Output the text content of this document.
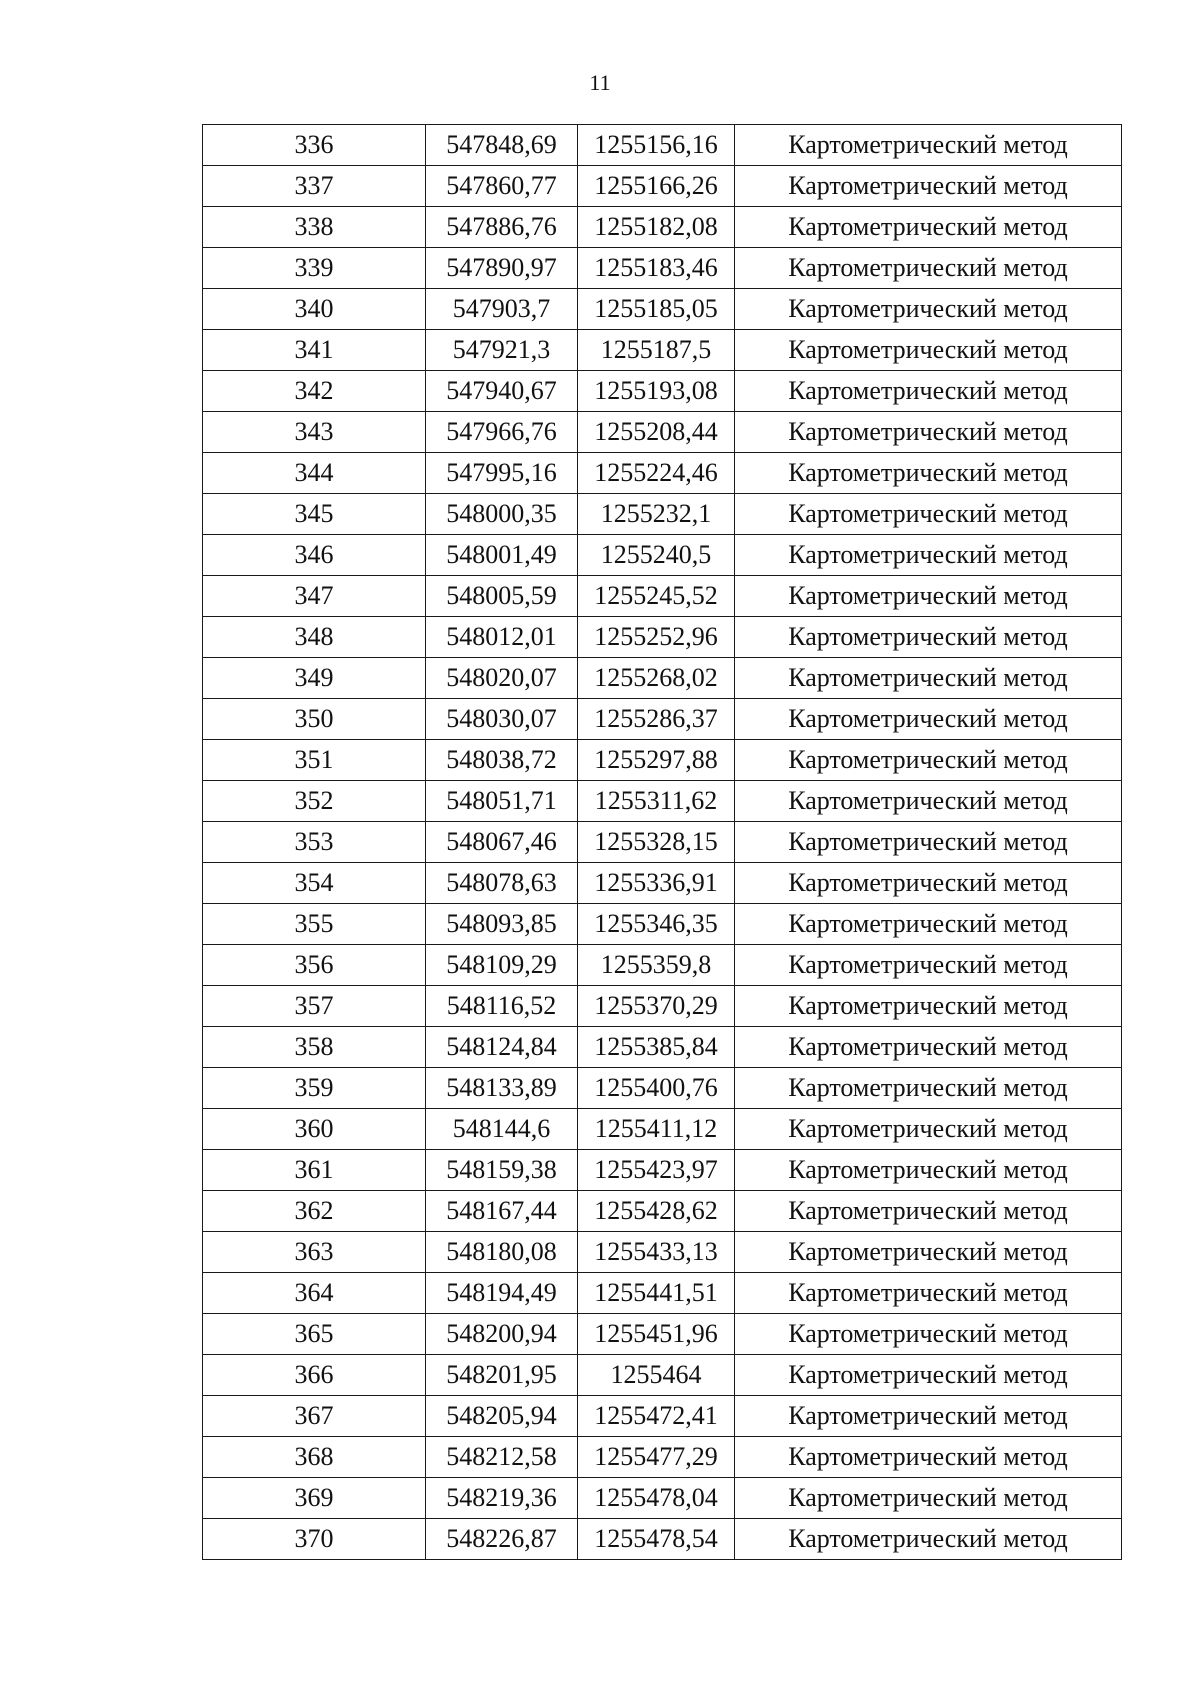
11
336	547848,69	1255156,16	Картометрический метод
337	547860,77	1255166,26	Картометрический метод
338	547886,76	1255182,08	Картометрический метод
339	547890,97	1255183,46	Картометрический метод
340	547903,7	1255185,05	Картометрический метод
341	547921,3	1255187,5	Картометрический метод
342	547940,67	1255193,08	Картометрический метод
343	547966,76	1255208,44	Картометрический метод
344	547995,16	1255224,46	Картометрический метод
345	548000,35	1255232,1	Картометрический метод
346	548001,49	1255240,5	Картометрический метод
347	548005,59	1255245,52	Картометрический метод
348	548012,01	1255252,96	Картометрический метод
349	548020,07	1255268,02	Картометрический метод
350	548030,07	1255286,37	Картометрический метод
351	548038,72	1255297,88	Картометрический метод
352	548051,71	1255311,62	Картометрический метод
353	548067,46	1255328,15	Картометрический метод
354	548078,63	1255336,91	Картометрический метод
355	548093,85	1255346,35	Картометрический метод
356	548109,29	1255359,8	Картометрический метод
357	548116,52	1255370,29	Картометрический метод
358	548124,84	1255385,84	Картометрический метод
359	548133,89	1255400,76	Картометрический метод
360	548144,6	1255411,12	Картометрический метод
361	548159,38	1255423,97	Картометрический метод
362	548167,44	1255428,62	Картометрический метод
363	548180,08	1255433,13	Картометрический метод
364	548194,49	1255441,51	Картометрический метод
365	548200,94	1255451,96	Картометрический метод
366	548201,95	1255464	Картометрический метод
367	548205,94	1255472,41	Картометрический метод
368	548212,58	1255477,29	Картометрический метод
369	548219,36	1255478,04	Картометрический метод
370	548226,87	1255478,54	Картометрический метод
